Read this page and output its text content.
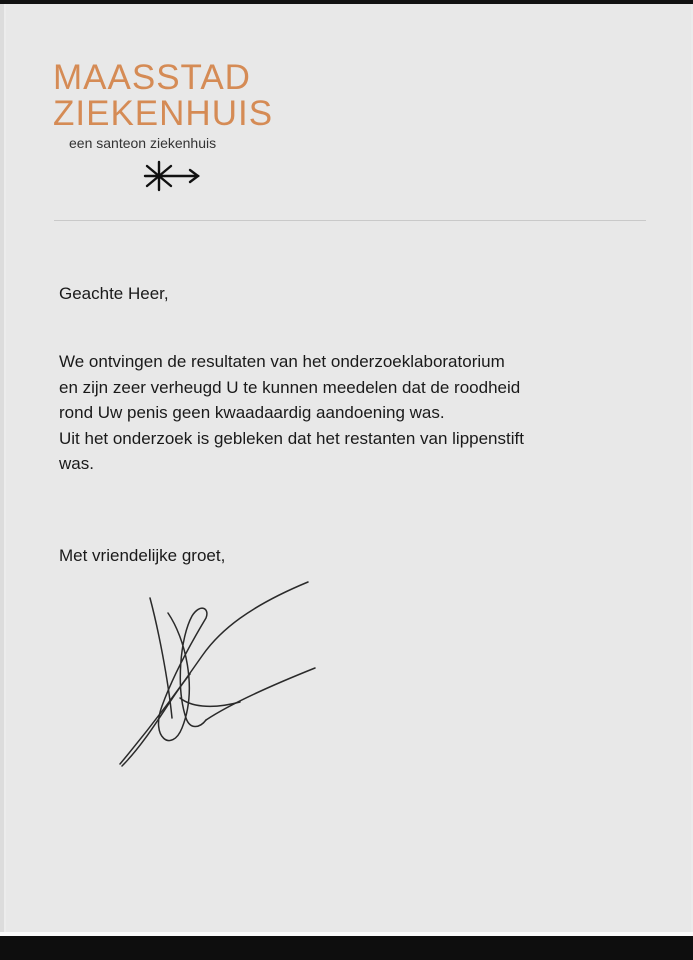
MAASSTAD
ZIEKENHUIS
een santeon ziekenhuis
Geachte Heer,
We ontvingen de resultaten van het onderzoeklaboratorium
en zijn zeer verheugd U te kunnen meedelen dat de roodheid
rond Uw penis geen kwaadaardig aandoening was.
Uit het onderzoek is gebleken dat het restanten van lippenstift
was.
Met vriendelijke groet,
